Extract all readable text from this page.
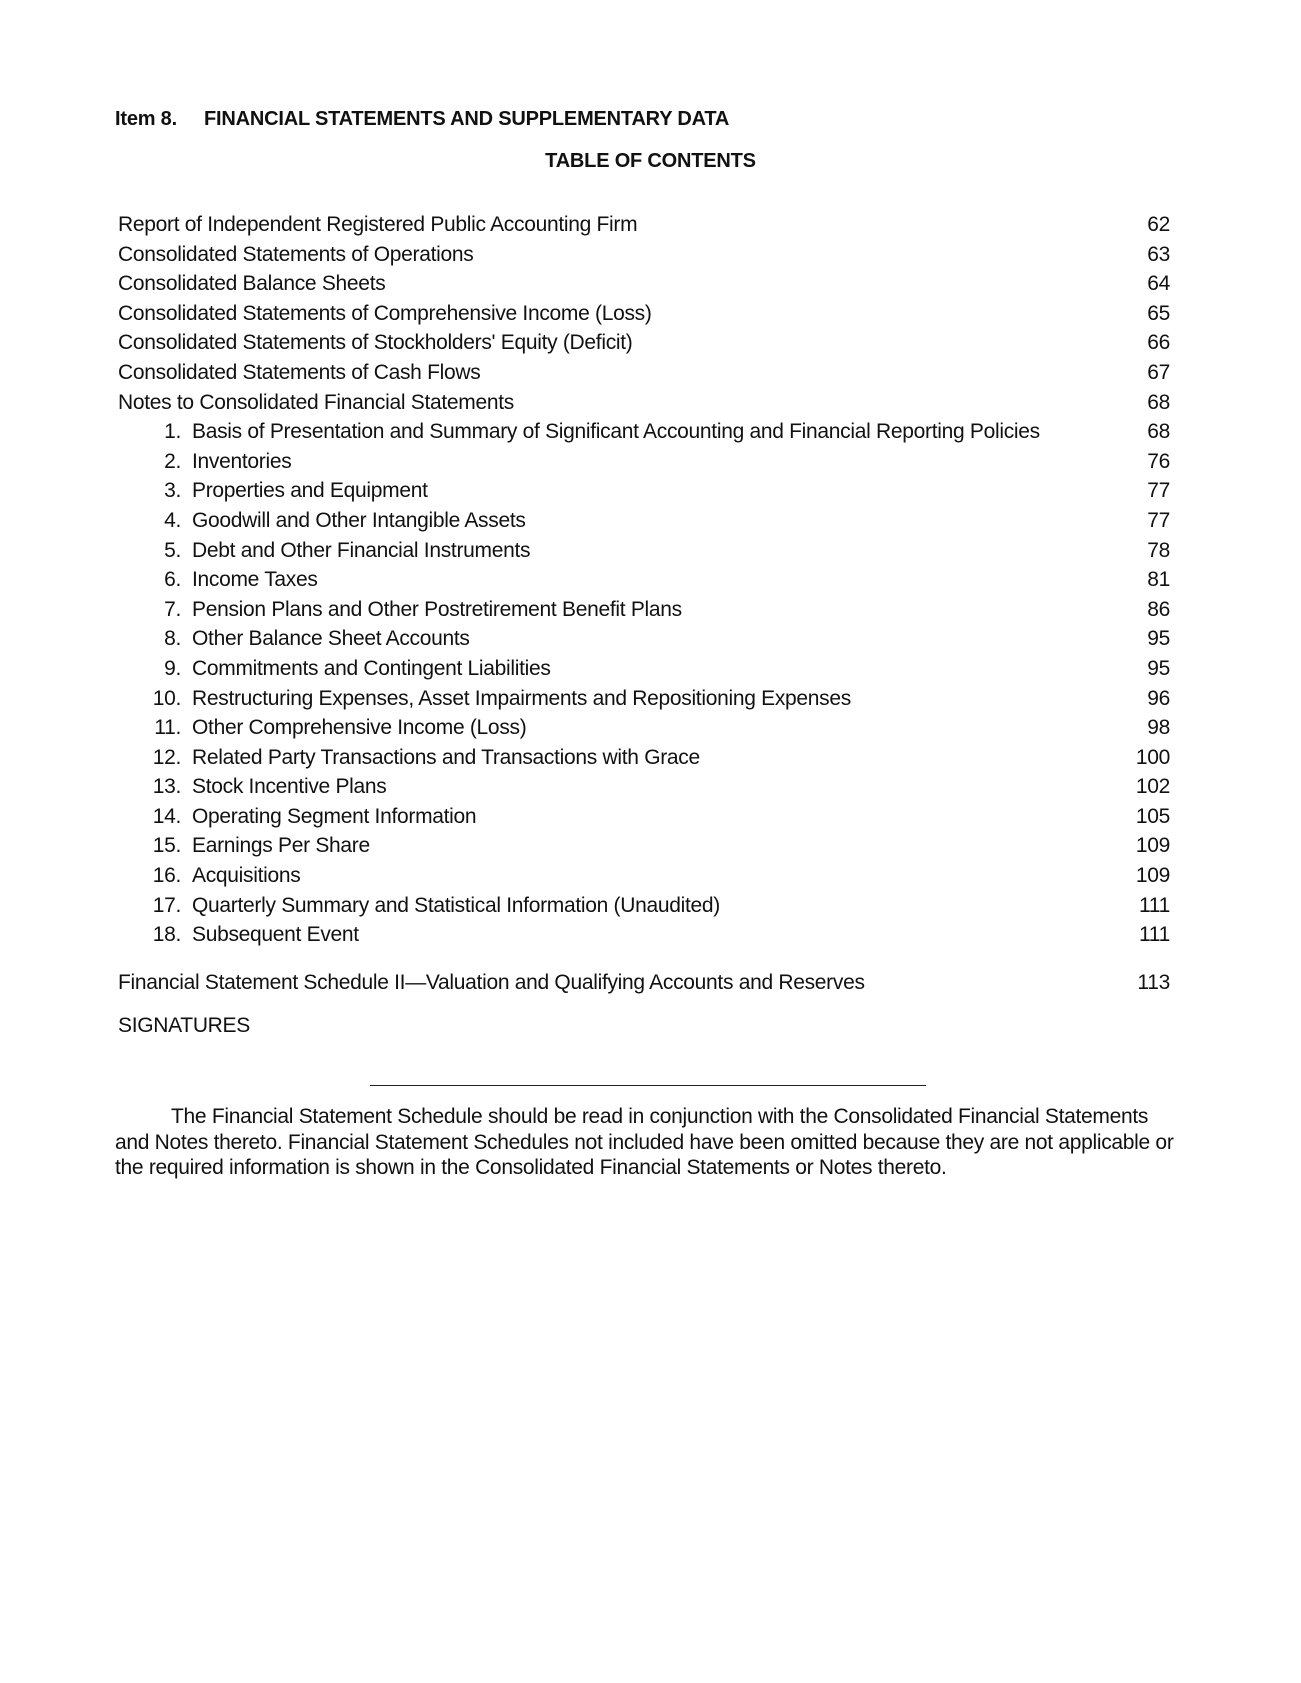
Item 8. FINANCIAL STATEMENTS AND SUPPLEMENTARY DATA
TABLE OF CONTENTS
Report of Independent Registered Public Accounting Firm	62
Consolidated Statements of Operations	63
Consolidated Balance Sheets	64
Consolidated Statements of Comprehensive Income (Loss)	65
Consolidated Statements of Stockholders' Equity (Deficit)	66
Consolidated Statements of Cash Flows	67
Notes to Consolidated Financial Statements	68
1. Basis of Presentation and Summary of Significant Accounting and Financial Reporting Policies	68
2. Inventories	76
3. Properties and Equipment	77
4. Goodwill and Other Intangible Assets	77
5. Debt and Other Financial Instruments	78
6. Income Taxes	81
7. Pension Plans and Other Postretirement Benefit Plans	86
8. Other Balance Sheet Accounts	95
9. Commitments and Contingent Liabilities	95
10. Restructuring Expenses, Asset Impairments and Repositioning Expenses	96
11. Other Comprehensive Income (Loss)	98
12. Related Party Transactions and Transactions with Grace	100
13. Stock Incentive Plans	102
14. Operating Segment Information	105
15. Earnings Per Share	109
16. Acquisitions	109
17. Quarterly Summary and Statistical Information (Unaudited)	111
18. Subsequent Event	111
Financial Statement Schedule II—Valuation and Qualifying Accounts and Reserves	113
SIGNATURES

The Financial Statement Schedule should be read in conjunction with the Consolidated Financial Statements and Notes thereto. Financial Statement Schedules not included have been omitted because they are not applicable or the required information is shown in the Consolidated Financial Statements or Notes thereto.
